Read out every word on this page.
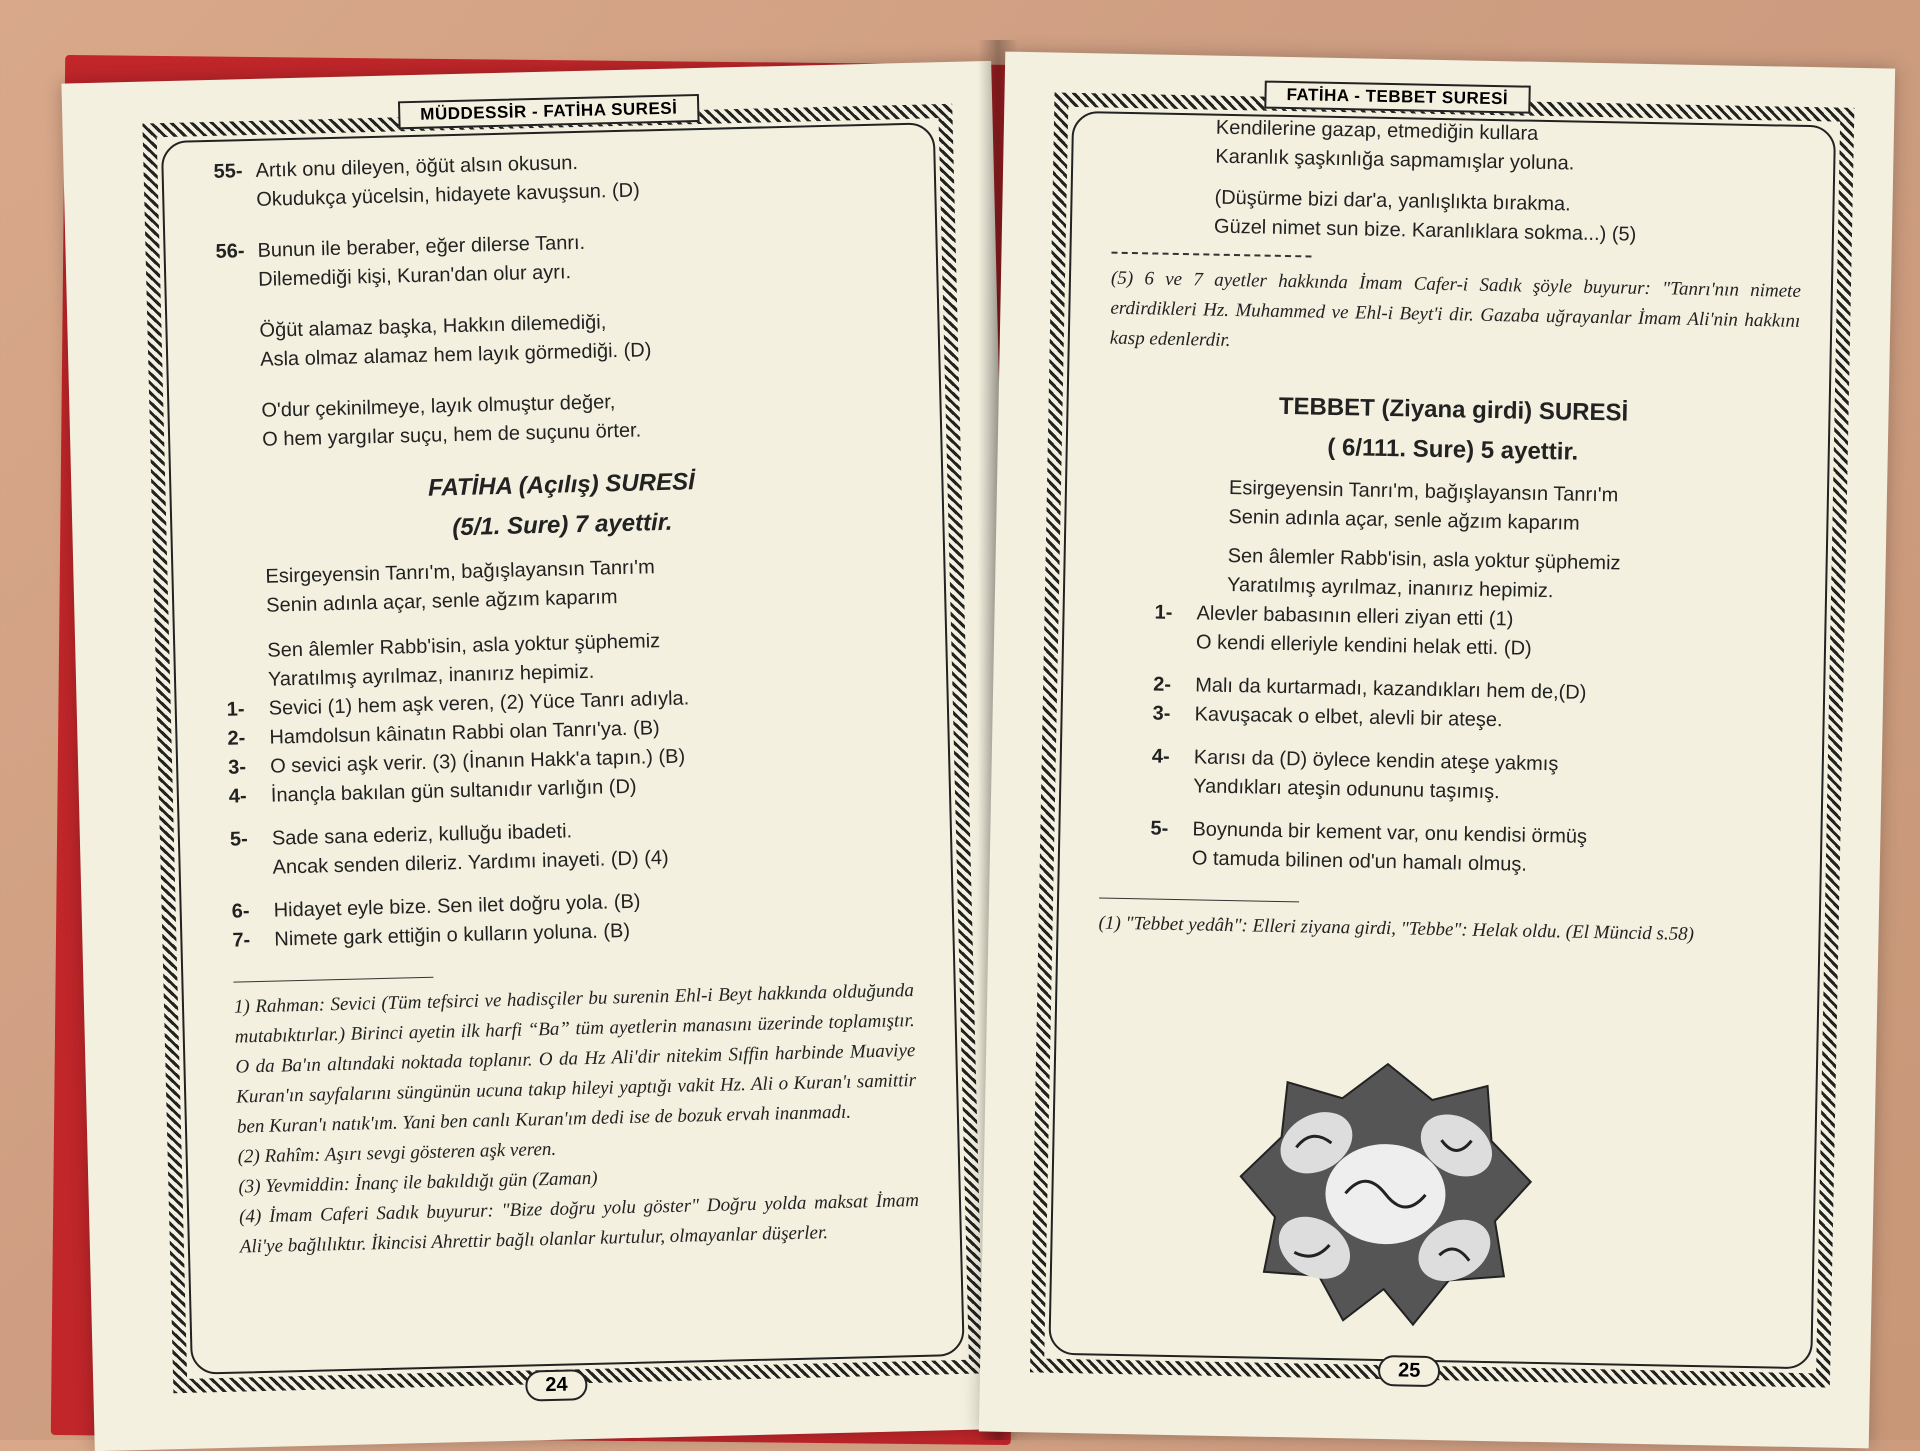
MÜDDESSİR - FATİHA SURESİ
55- Artık onu dileyen, öğüt alsın okusun.
Okudukça yücelsin, hidayete kavuşsun. (D)
56- Bunun ile beraber, eğer dilerse Tanrı.
Dilemediği kişi, Kuran'dan olur ayrı.
Öğüt alamaz başka, Hakkın dilemediği,
Asla olmaz alamaz hem layık görmediği. (D)
O'dur çekinilmeye, layık olmuştur değer,
O hem yargılar suçu, hem de suçunu örter.
FATİHA (Açılış) SURESİ
(5/1. Sure) 7 ayettir.
Esirgeyensin Tanrı'm, bağışlayansın Tanrı'm
Senin adınla açar, senle ağzım kaparım
Sen âlemler Rabb'isin, asla yoktur şüphemiz
Yaratılmış ayrılmaz, inanırız hepimiz.
1-	Sevici (1) hem aşk veren, (2) Yüce Tanrı adıyla.
2-	Hamdolsun kâinatın Rabbi olan Tanrı'ya. (B)
3-	O sevici aşk verir. (3) (İnanın Hakk'a tapın.) (B)
4-	İnançla bakılan gün sultanıdır varlığın (D)
5-	Sade sana ederiz, kulluğu ibadeti.
Ancak senden dileriz. Yardımı inayeti. (D) (4)
6-	Hidayet eyle bize. Sen ilet doğru yola. (B)
7-	Nimete gark ettiğin o kulların yoluna. (B)
1) Rahman: Sevici (Tüm tefsirci ve hadisçiler bu surenin Ehl-i Beyt hakkında olduğunda mutabıktırlar.) Birinci ayetin ilk harfi “Ba” tüm ayetlerin manasını üzerinde toplamıştır. O da Ba'ın altındaki noktada toplanır. O da Hz Ali'dir nitekim Sıffin harbinde Muaviye Kuran'ın sayfalarını süngünün ucuna takıp hileyi yaptığı vakit Hz. Ali o Kuran'ı samittir ben Kuran'ı natık'ım. Yani ben canlı Kuran'ım dedi ise de bozuk ervah inanmadı.
(2) Rahîm: Aşırı sevgi gösteren aşk veren.
(3) Yevmiddin: İnanç ile bakıldığı gün (Zaman)
(4) İmam Caferi Sadık buyurur: "Bize doğru yolu göster" Doğru yolda maksat İmam Ali'ye bağlılıktır. İkincisi Ahrettir bağlı olanlar kurtulur, olmayanlar düşerler.
24
FATİHA - TEBBET SURESİ
Kendilerine gazap, etmediğin kullara
Karanlık şaşkınlığa sapmamışlar yoluna.
(Düşürme bizi dar'a, yanlışlıkta bırakma.
Güzel nimet sun bize. Karanlıklara sokma...) (5)
(5) 6 ve 7 ayetler hakkında İmam Cafer-i Sadık şöyle buyurur: "Tanrı'nın nimete erdirdikleri Hz. Muhammed ve Ehl-i Beyt'i dir. Gazaba uğrayanlar İmam Ali'nin hakkını kasp edenlerdir.
TEBBET (Ziyana girdi) SURESİ
( 6/111. Sure) 5 ayettir.
Esirgeyensin Tanrı'm, bağışlayansın Tanrı'm
Senin adınla açar, senle ağzım kaparım
Sen âlemler Rabb'isin, asla yoktur şüphemiz
Yaratılmış ayrılmaz, inanırız hepimiz.
1-	Alevler babasının elleri ziyan etti (1)
O kendi elleriyle kendini helak etti. (D)
2-	Malı da kurtarmadı, kazandıkları hem de,(D)
3-	Kavuşacak o elbet, alevli bir ateşe.
4-	Karısı da (D) öylece kendin ateşe yakmış
Yandıkları ateşin odununu taşımış.
5-	Boynunda bir kement var, onu kendisi örmüş
O tamuda bilinen od'un hamalı olmuş.
(1) "Tebbet yedâh": Elleri ziyana girdi, "Tebbe": Helak oldu. (El Müncid s.58)
25
